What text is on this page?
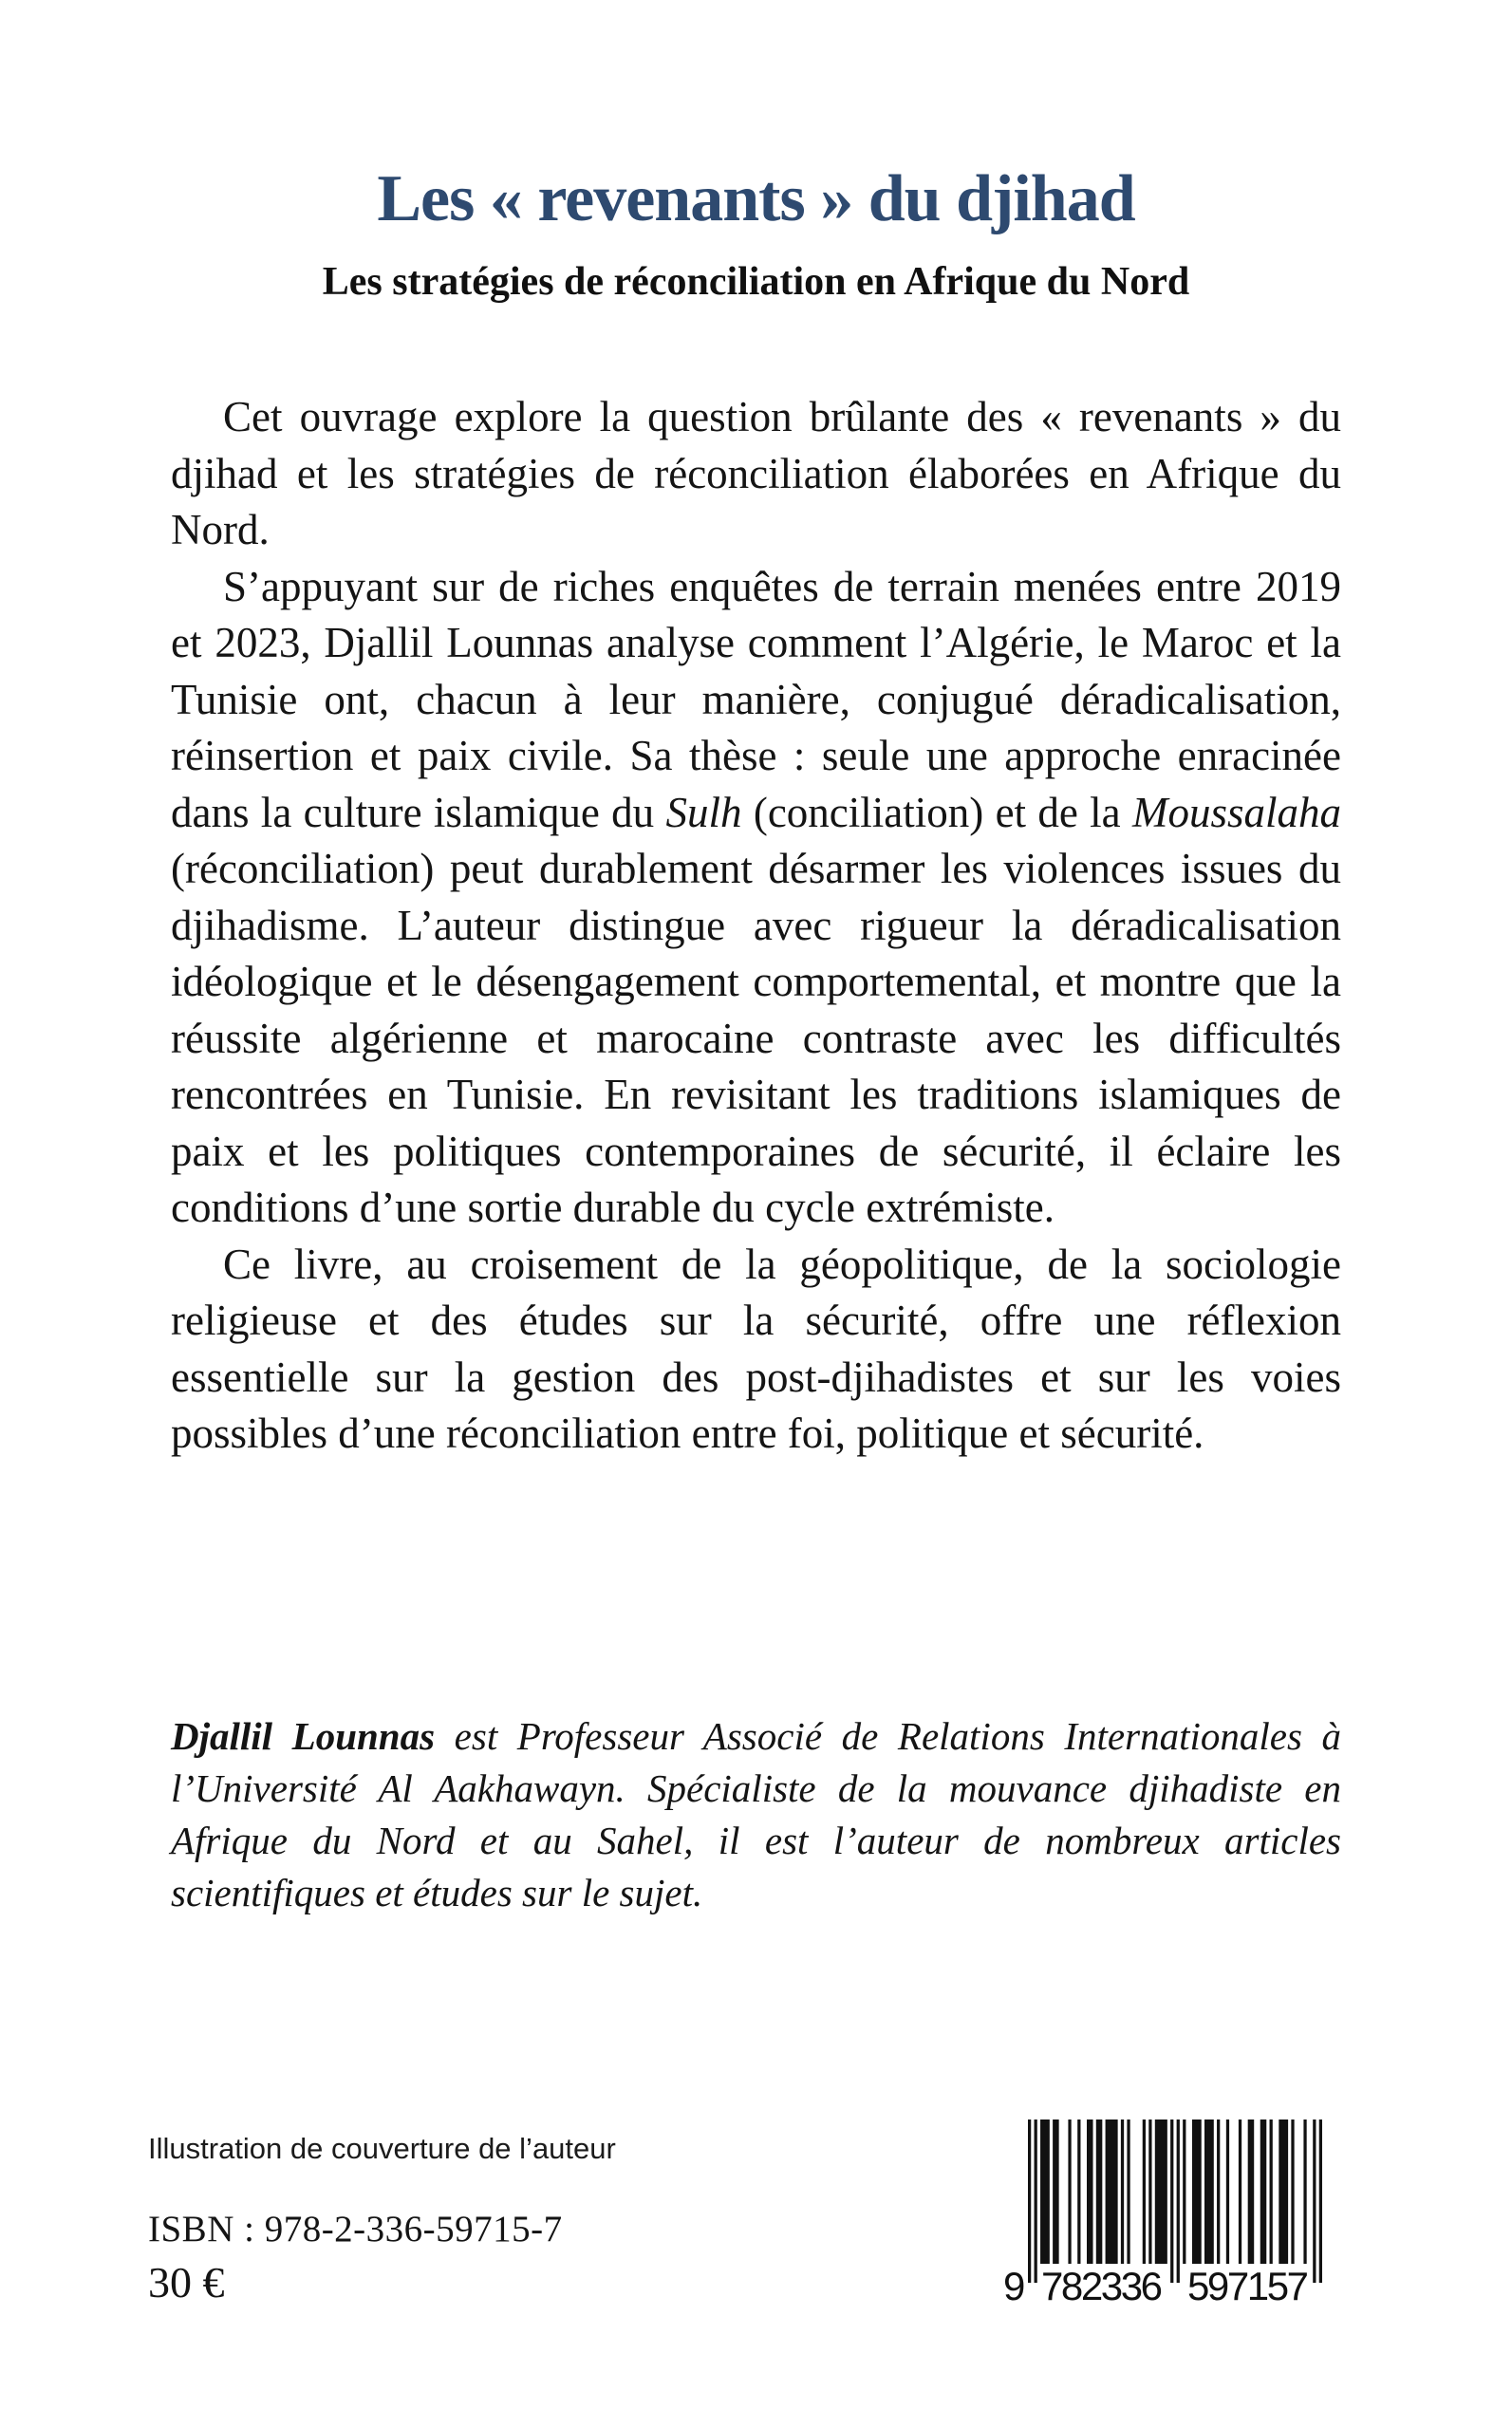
Les « revenants » du djihad
Les stratégies de réconciliation en Afrique du Nord

Cet ouvrage explore la question brûlante des « revenants » du djihad et les stratégies de réconciliation élaborées en Afrique du Nord.

S’appuyant sur de riches enquêtes de terrain menées entre 2019 et 2023, Djallil Lounnas analyse comment l’Algérie, le Maroc et la Tunisie ont, chacun à leur manière, conjugué déradicalisation, réinsertion et paix civile. Sa thèse : seule une approche enracinée dans la culture islamique du Sulh (conciliation) et de la Moussalaha (réconciliation) peut durablement désarmer les violences issues du djihadisme. L’auteur distingue avec rigueur la déradicalisation idéologique et le désengagement comportemental, et montre que la réussite algérienne et marocaine contraste avec les difficultés rencontrées en Tunisie. En revisitant les traditions islamiques de paix et les politiques contemporaines de sécurité, il éclaire les conditions d’une sortie durable du cycle extrémiste.

Ce livre, au croisement de la géopolitique, de la sociologie religieuse et des études sur la sécurité, offre une réflexion essentielle sur la gestion des post-djihadistes et sur les voies possibles d’une réconciliation entre foi, politique et sécurité.

Djallil Lounnas est Professeur Associé de Relations Internationales à l’Université Al Aakhawayn. Spécialiste de la mouvance djihadiste en Afrique du Nord et au Sahel, il est l’auteur de nombreux articles scientifiques et études sur le sujet.
Illustration de couverture de l’auteur
ISBN : 978-2-336-59715-7
30 €	9 782336 597157
